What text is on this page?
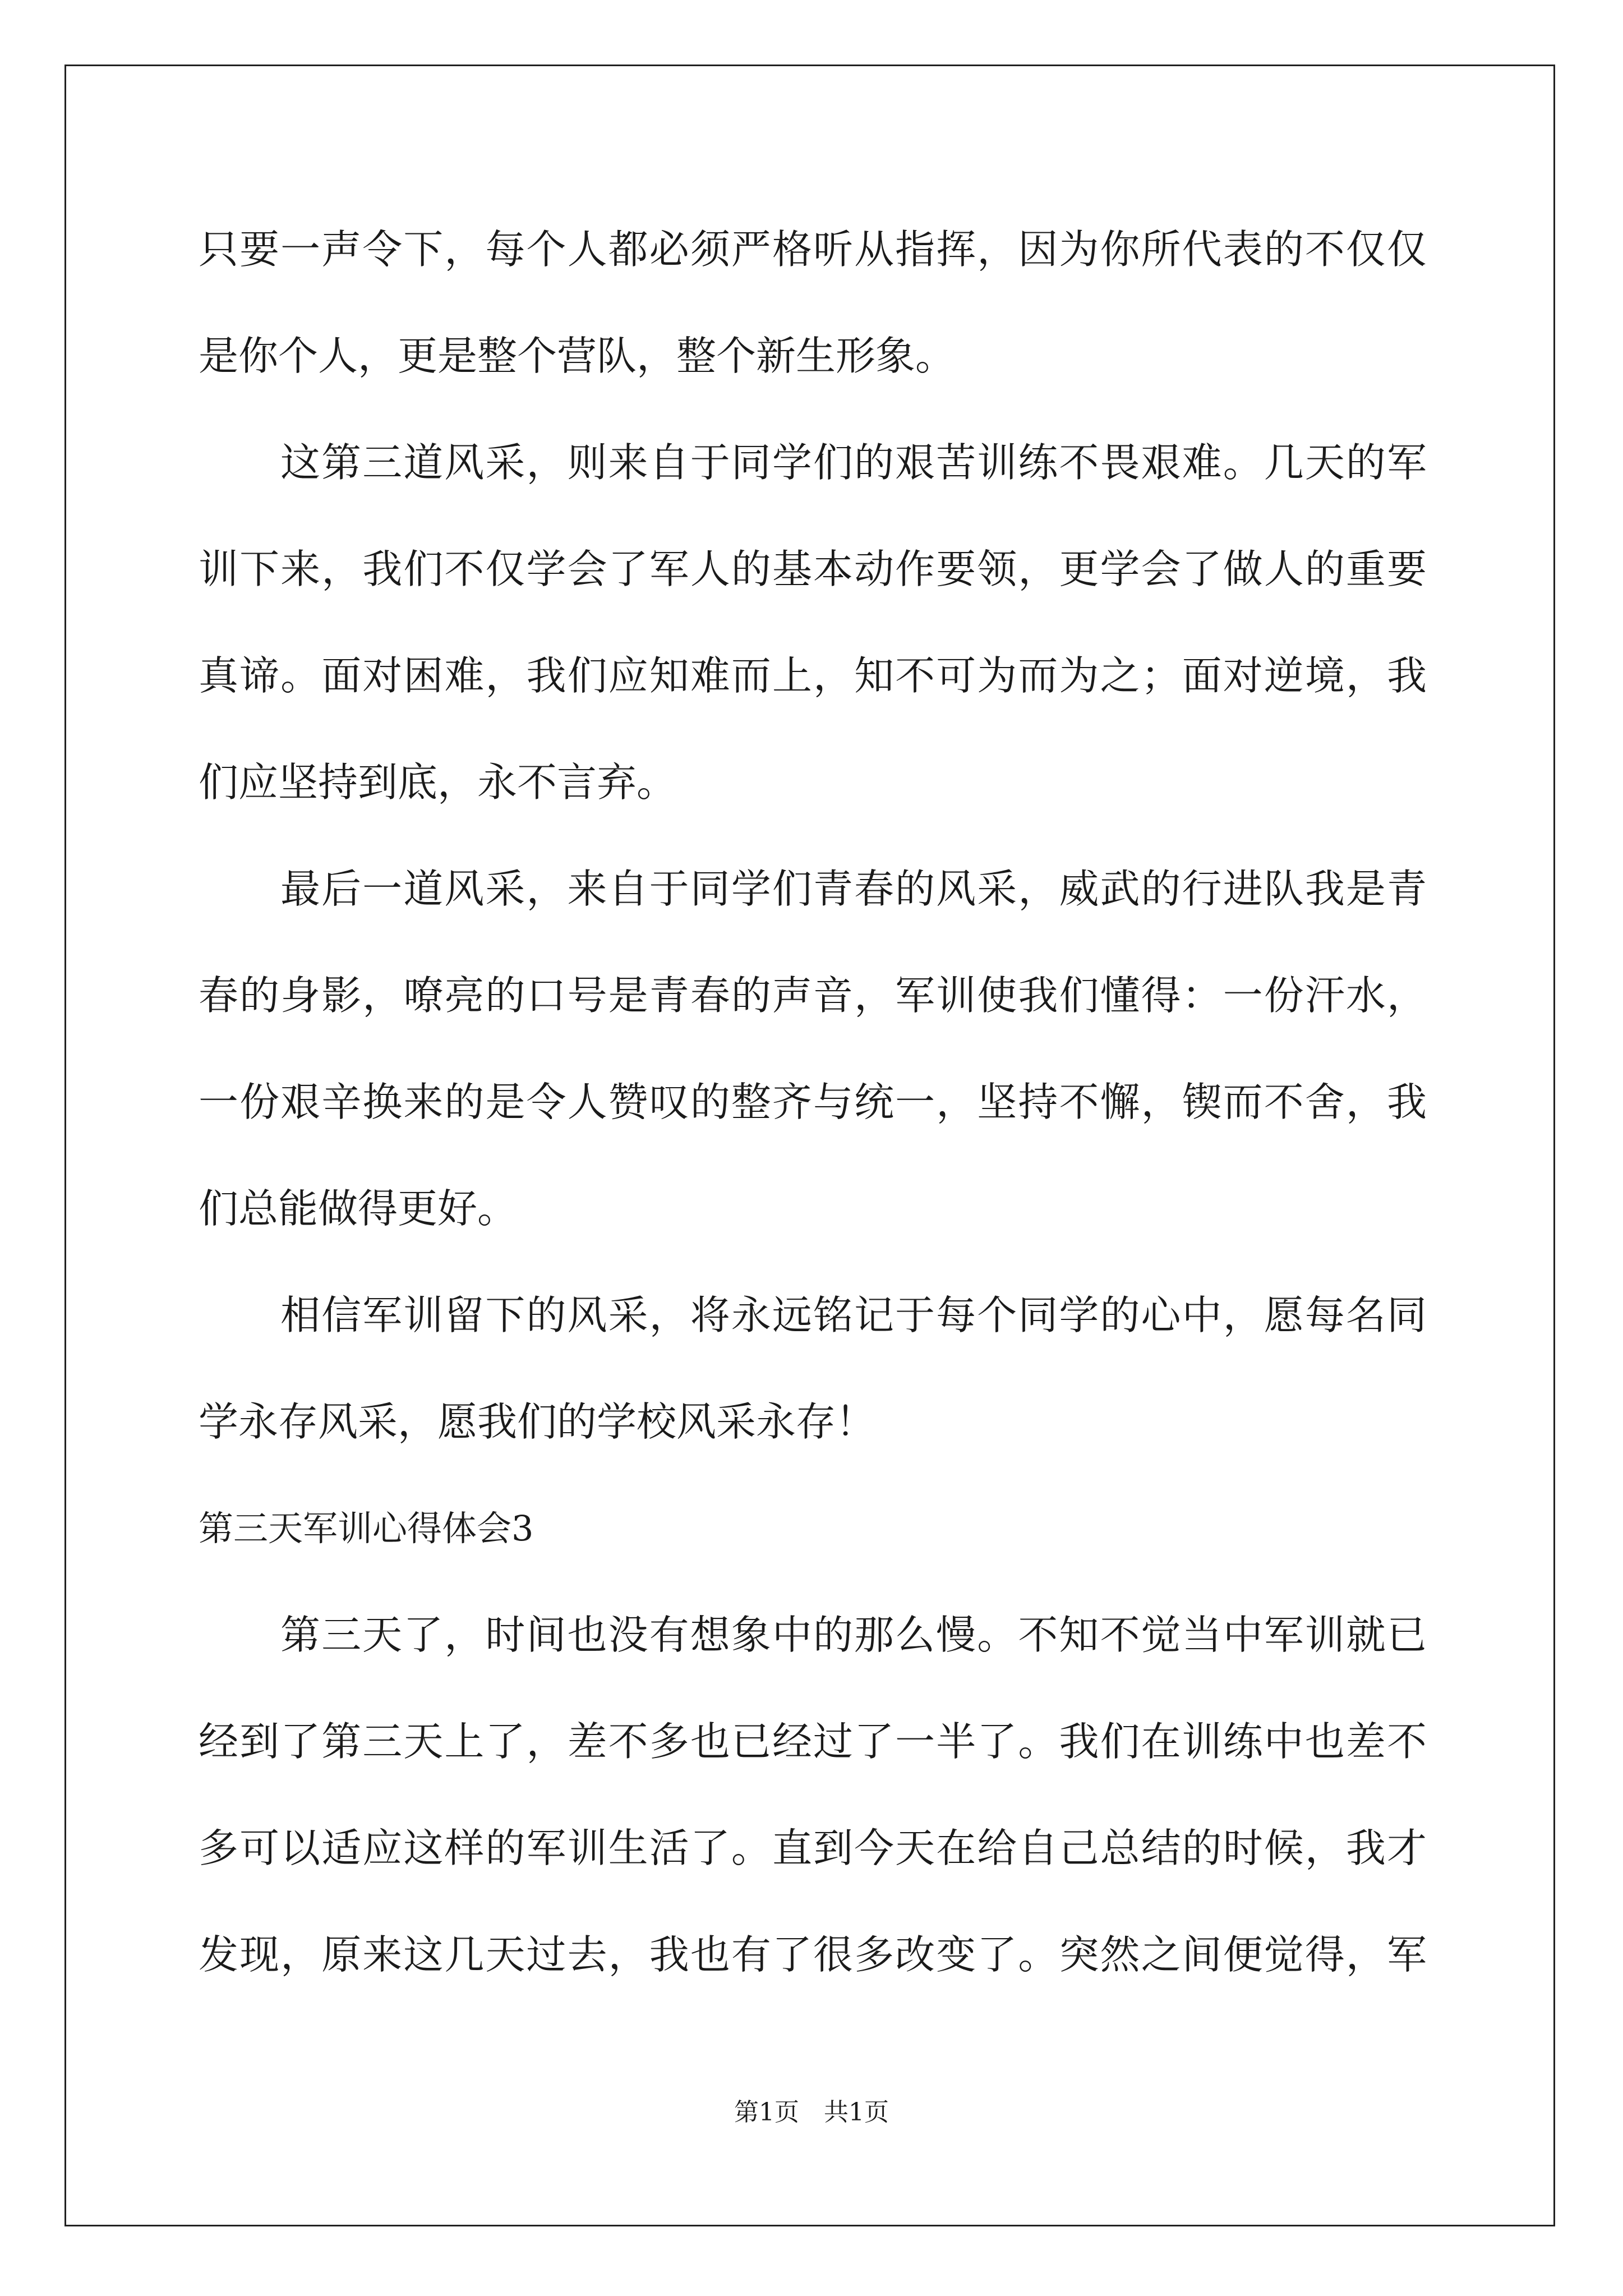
只要一声令下，每个人都必须严格听从指挥，因为你所代表的不仅仅
是你个人，更是整个营队，整个新生形象。
这第三道风采，则来自于同学们的艰苦训练不畏艰难。几天的军
训下来，我们不仅学会了军人的基本动作要领，更学会了做人的重要
真谛。面对困难，我们应知难而上，知不可为而为之；面对逆境，我
们应坚持到底，永不言弃。
最后一道风采，来自于同学们青春的风采，威武的行进队我是青
春的身影，嘹亮的口号是青春的声音，军训使我们懂得：一份汗水，
一份艰辛换来的是令人赞叹的整齐与统一，坚持不懈，锲而不舍，我
们总能做得更好。
相信军训留下的风采，将永远铭记于每个同学的心中，愿每名同
学永存风采，愿我们的学校风采永存！
第三天军训心得体会3
第三天了，时间也没有想象中的那么慢。不知不觉当中军训就已
经到了第三天上了，差不多也已经过了一半了。我们在训练中也差不
多可以适应这样的军训生活了。直到今天在给自己总结的时候，我才
发现，原来这几天过去，我也有了很多改变了。突然之间便觉得，军
第1页　共1页
